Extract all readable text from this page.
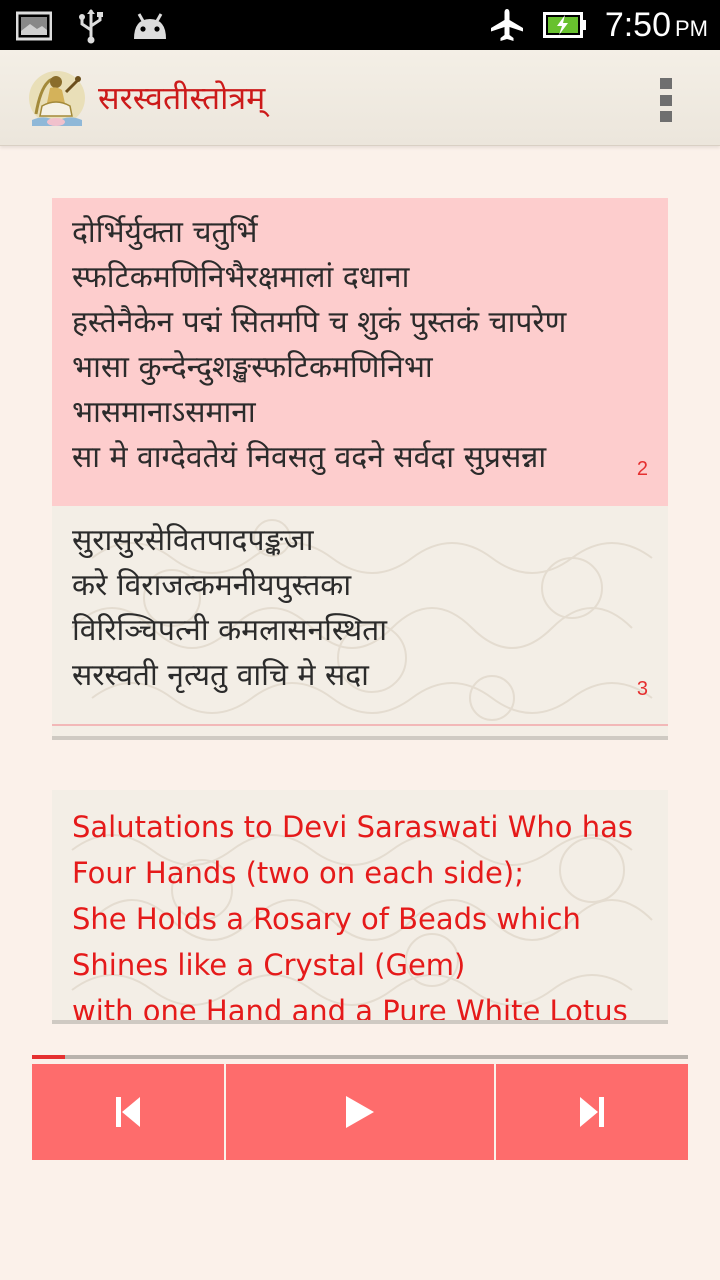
7:50 PM
सरस्वतीस्तोत्रम्
दोर्भिर्युक्ता चतुर्भि
स्फटिकमणिनिभैरक्षमालां दधाना
हस्तेनैकेन पद्मं सितमपि च शुकं पुस्तकं चापरेण
भासा कुन्देन्दुशङ्खस्फटिकमणिनिभा
भासमानाऽसमाना
सा मे वाग्देवतेयं निवसतु वदने सर्वदा सुप्रसन्ना	2
सुरासुरसेवितपादपङ्कजा
करे विराजत्कमनीयपुस्तका
विरिञ्चिपत्नी कमलासनस्थिता
सरस्वती नृत्यतु वाचि मे सदा	3
Salutations to Devi Saraswati Who has
Four Hands (two on each side);
She Holds a Rosary of Beads which
Shines like a Crystal (Gem)
with one Hand and a Pure White Lotus
